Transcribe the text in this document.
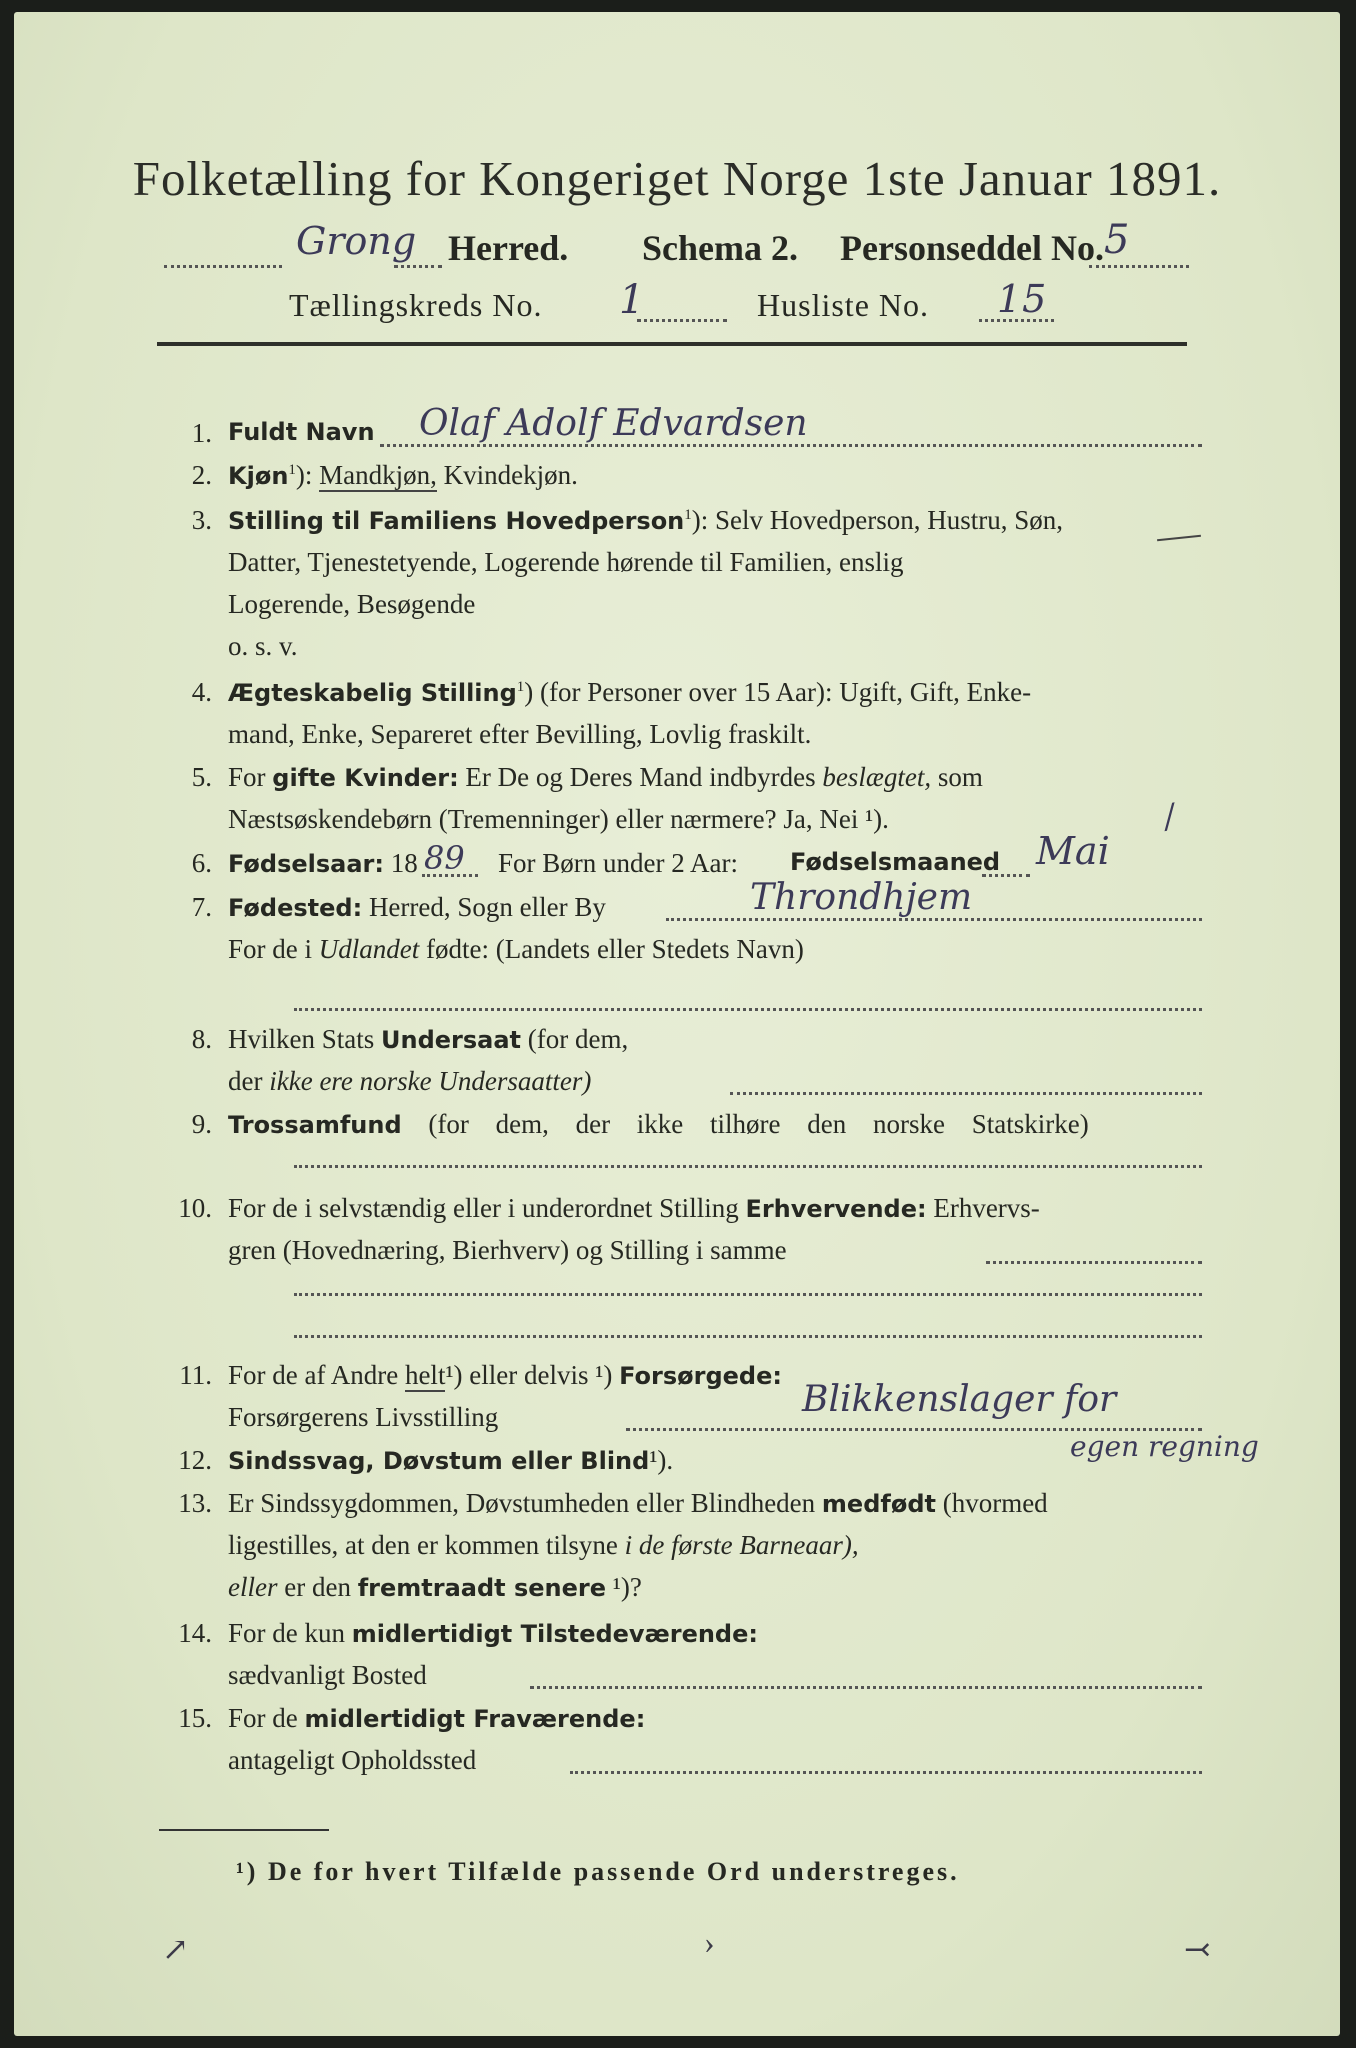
Folketælling for Kongeriget Norge 1ste Januar 1891.
Grong Herred. Schema 2. Personseddel No. 5
Tællingskreds No. 1	Husliste No. 15
1. Fuldt Navn Olaf Adolf Edvardsen
2. Kjøn$^1$): Mandkjøn, Kvindekjøn.
3. Stilling til Familiens Hovedperson$^1$): Selv Hovedperson, Hustru, Søn,
Datter, Tjenestetyende, Logerende hørende til Familien, enslig
Logerende, Besøgende
o. s. v.
4. Ægteskabelig Stilling$^1$) (for Personer over 15 Aar): Ugift, Gift, Enke-
mand, Enke, Separeret efter Bevilling, Lovlig fraskilt.
5. For gifte Kvinder: Er De og Deres Mand indbyrdes beslægtet, som
Næstsøskendebørn (Tremenninger) eller nærmere? Ja, Nei ¹).	/
6. Fødselsaar: 18 89 For Børn under 2 Aar: Fødselsmaaned Mai
7. Fødested: Herred, Sogn eller By	Throndhjem
For de i Udlandet fødte: (Landets eller Stedets Navn)
8. Hvilken Stats Undersaat (for dem,
der ikke ere norske Undersaatter)
9. Trossamfund (for dem, der ikke tilhøre den norske Statskirke)
10. For de i selvstændig eller i underordnet Stilling Erhvervende: Erhvervs-
gren (Hovednæring, Bierhverv) og Stilling i samme
11. For de af Andre helt¹) eller delvis ¹) Forsørgede:
Forsørgerens Livsstilling	Blikkenslager for
12. Sindssvag, Døvstum eller Blind¹).	egen regning
13. Er Sindssygdommen, Døvstumheden eller Blindheden medfødt (hvormed
ligestilles, at den er kommen tilsyne i de første Barneaar),
eller er den fremtraadt senere ¹)?
14. For de kun midlertidigt Tilstedeværende:
sædvanligt Bosted
15. For de midlertidigt Fraværende:
antageligt Opholdssted
¹) De for hvert Tilfælde passende Ord understreges.
↗	›	⤙
